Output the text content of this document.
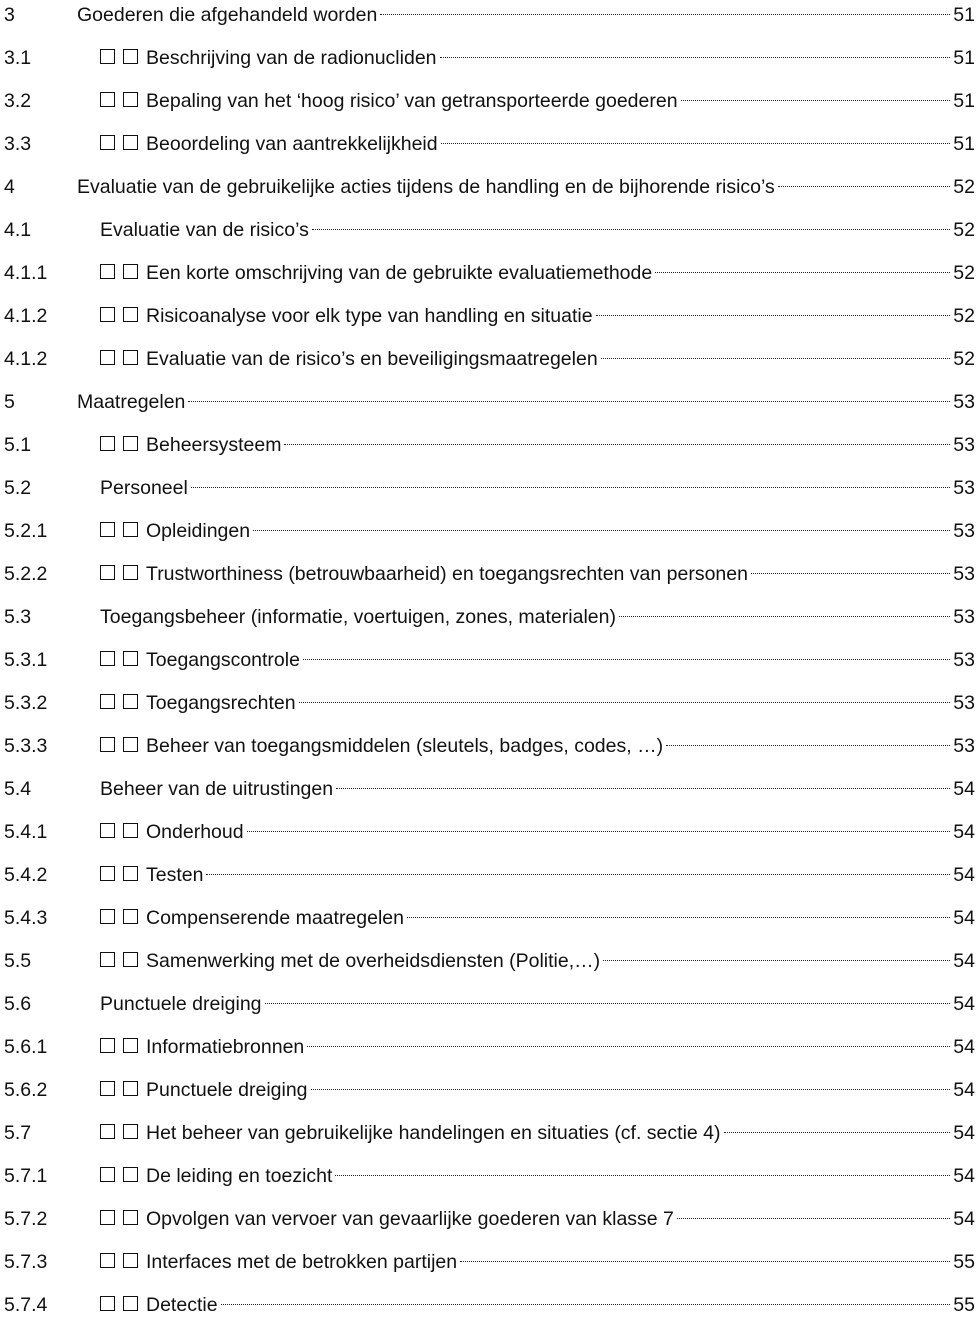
3	Goederen die afgehandeld worden	51
3.1	Beschrijving van de radionucliden	51
3.2	Bepaling van het ‘hoog risico’ van getransporteerde goederen	51
3.3	Beoordeling van aantrekkelijkheid	51
4	Evaluatie van de gebruikelijke acties tijdens de handling en de bijhorende risico’s	52
4.1	Evaluatie van de risico’s	52
4.1.1	Een korte omschrijving van de gebruikte evaluatiemethode	52
4.1.2	Risicoanalyse voor elk type van handling en situatie	52
4.1.2	Evaluatie van de risico’s en beveiligingsmaatregelen	52
5	Maatregelen	53
5.1	Beheersysteem	53
5.2	Personeel	53
5.2.1	Opleidingen	53
5.2.2	Trustworthiness (betrouwbaarheid) en toegangsrechten van personen	53
5.3	Toegangsbeheer (informatie, voertuigen, zones, materialen)	53
5.3.1	Toegangscontrole	53
5.3.2	Toegangsrechten	53
5.3.3	Beheer van toegangsmiddelen (sleutels, badges, codes, …)	53
5.4	Beheer van de uitrustingen	54
5.4.1	Onderhoud	54
5.4.2	Testen	54
5.4.3	Compenserende maatregelen	54
5.5	Samenwerking met de overheidsdiensten (Politie,…)	54
5.6	Punctuele dreiging	54
5.6.1	Informatiebronnen	54
5.6.2	Punctuele dreiging	54
5.7	Het beheer van gebruikelijke handelingen en situaties (cf. sectie 4)	54
5.7.1	De leiding en toezicht	54
5.7.2	Opvolgen van vervoer van gevaarlijke goederen van klasse 7	54
5.7.3	Interfaces met de betrokken partijen	55
5.7.4	Detectie	55
